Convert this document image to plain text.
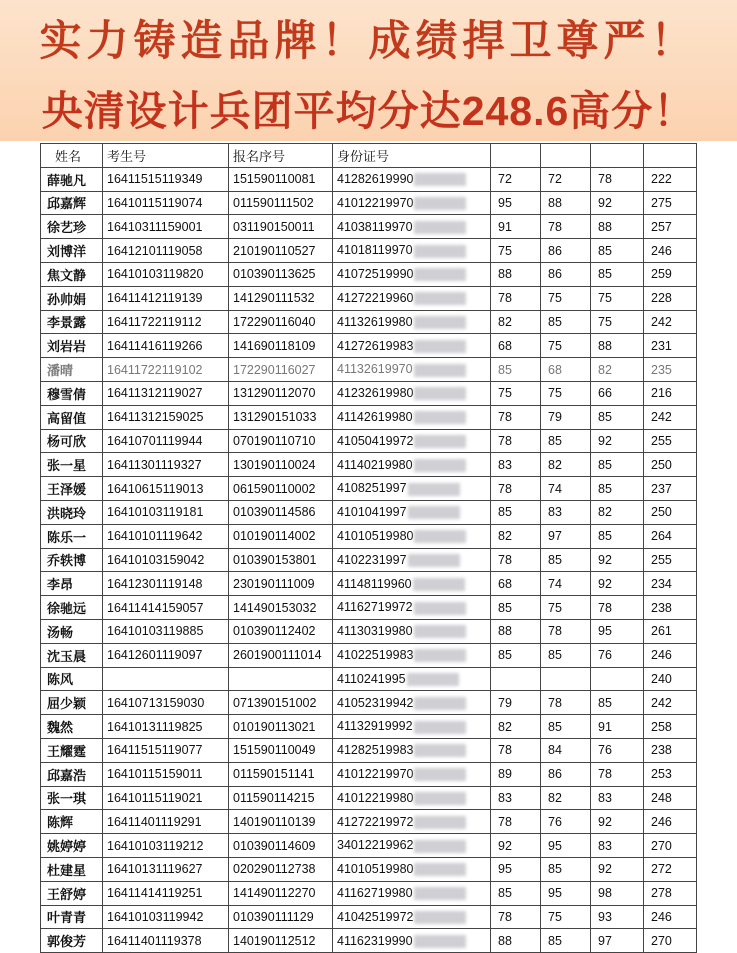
实力铸造品牌！成绩捍卫尊严！
央清设计兵团平均分达248.6高分！
姓名	考生号	报名序号	身份证号				
薛驰凡	16411515119349	151590110081	41282619990	72	72	78	222
邱嘉辉	16410115119074	011590111502	41012219970	95	88	92	275
徐艺珍	16410311159001	031190150011	41038119970	91	78	88	257
刘博洋	16412101119058	210190110527	41018119970	75	86	85	246
焦文静	16410103119820	010390113625	41072519990	88	86	85	259
孙帅娟	16411412119139	141290111532	41272219960	78	75	75	228
李景露	16411722119112	172290116040	41132619980	82	85	75	242
刘岩岩	16411416119266	141690118109	41272619983	68	75	88	231
潘晴	16411722119102	172290116027	41132619970	85	68	82	235
穆雪倩	16411312119027	131290112070	41232619980	75	75	66	216
高留值	16411312159025	131290151033	41142619980	78	79	85	242
杨可欣	16410701119944	070190110710	41050419972	78	85	92	255
张一星	16411301119327	130190110024	41140219980	83	82	85	250
王泽媛	16410615119013	061590110002	4108251997	78	74	85	237
洪晓玲	16410103119181	010390114586	4101041997	85	83	82	250
陈乐一	16410101119642	010190114002	41010519980	82	97	85	264
乔轶博	16410103159042	010390153801	4102231997	78	85	92	255
李昂	16412301119148	230190111009	41148119960	68	74	92	234
徐驰远	16411414159057	141490153032	41162719972	85	75	78	238
汤畅	16410103119885	010390112402	41130319980	88	78	95	261
沈玉晨	16412601119097	2601900111014	41022519983	85	85	76	246
陈风			4110241995				240
屈少颖	16410713159030	071390151002	41052319942	79	78	85	242
魏然	16410131119825	010190113021	41132919992	82	85	91	258
王耀霆	16411515119077	151590110049	41282519983	78	84	76	238
邱嘉浩	16410115159011	011590151141	41012219970	89	86	78	253
张一琪	16410115119021	011590114215	41012219980	83	82	83	248
陈辉	16411401119291	140190110139	41272219972	78	76	92	246
姚婷婷	16410103119212	010390114609	34012219962	92	95	83	270
杜建星	16410131119627	020290112738	41010519980	95	85	92	272
王舒婷	16411414119251	141490112270	41162719980	85	95	98	278
叶青青	16410103119942	010390111129	41042519972	78	75	93	246
郭俊芳	16411401119378	140190112512	41162319990	88	85	97	270
